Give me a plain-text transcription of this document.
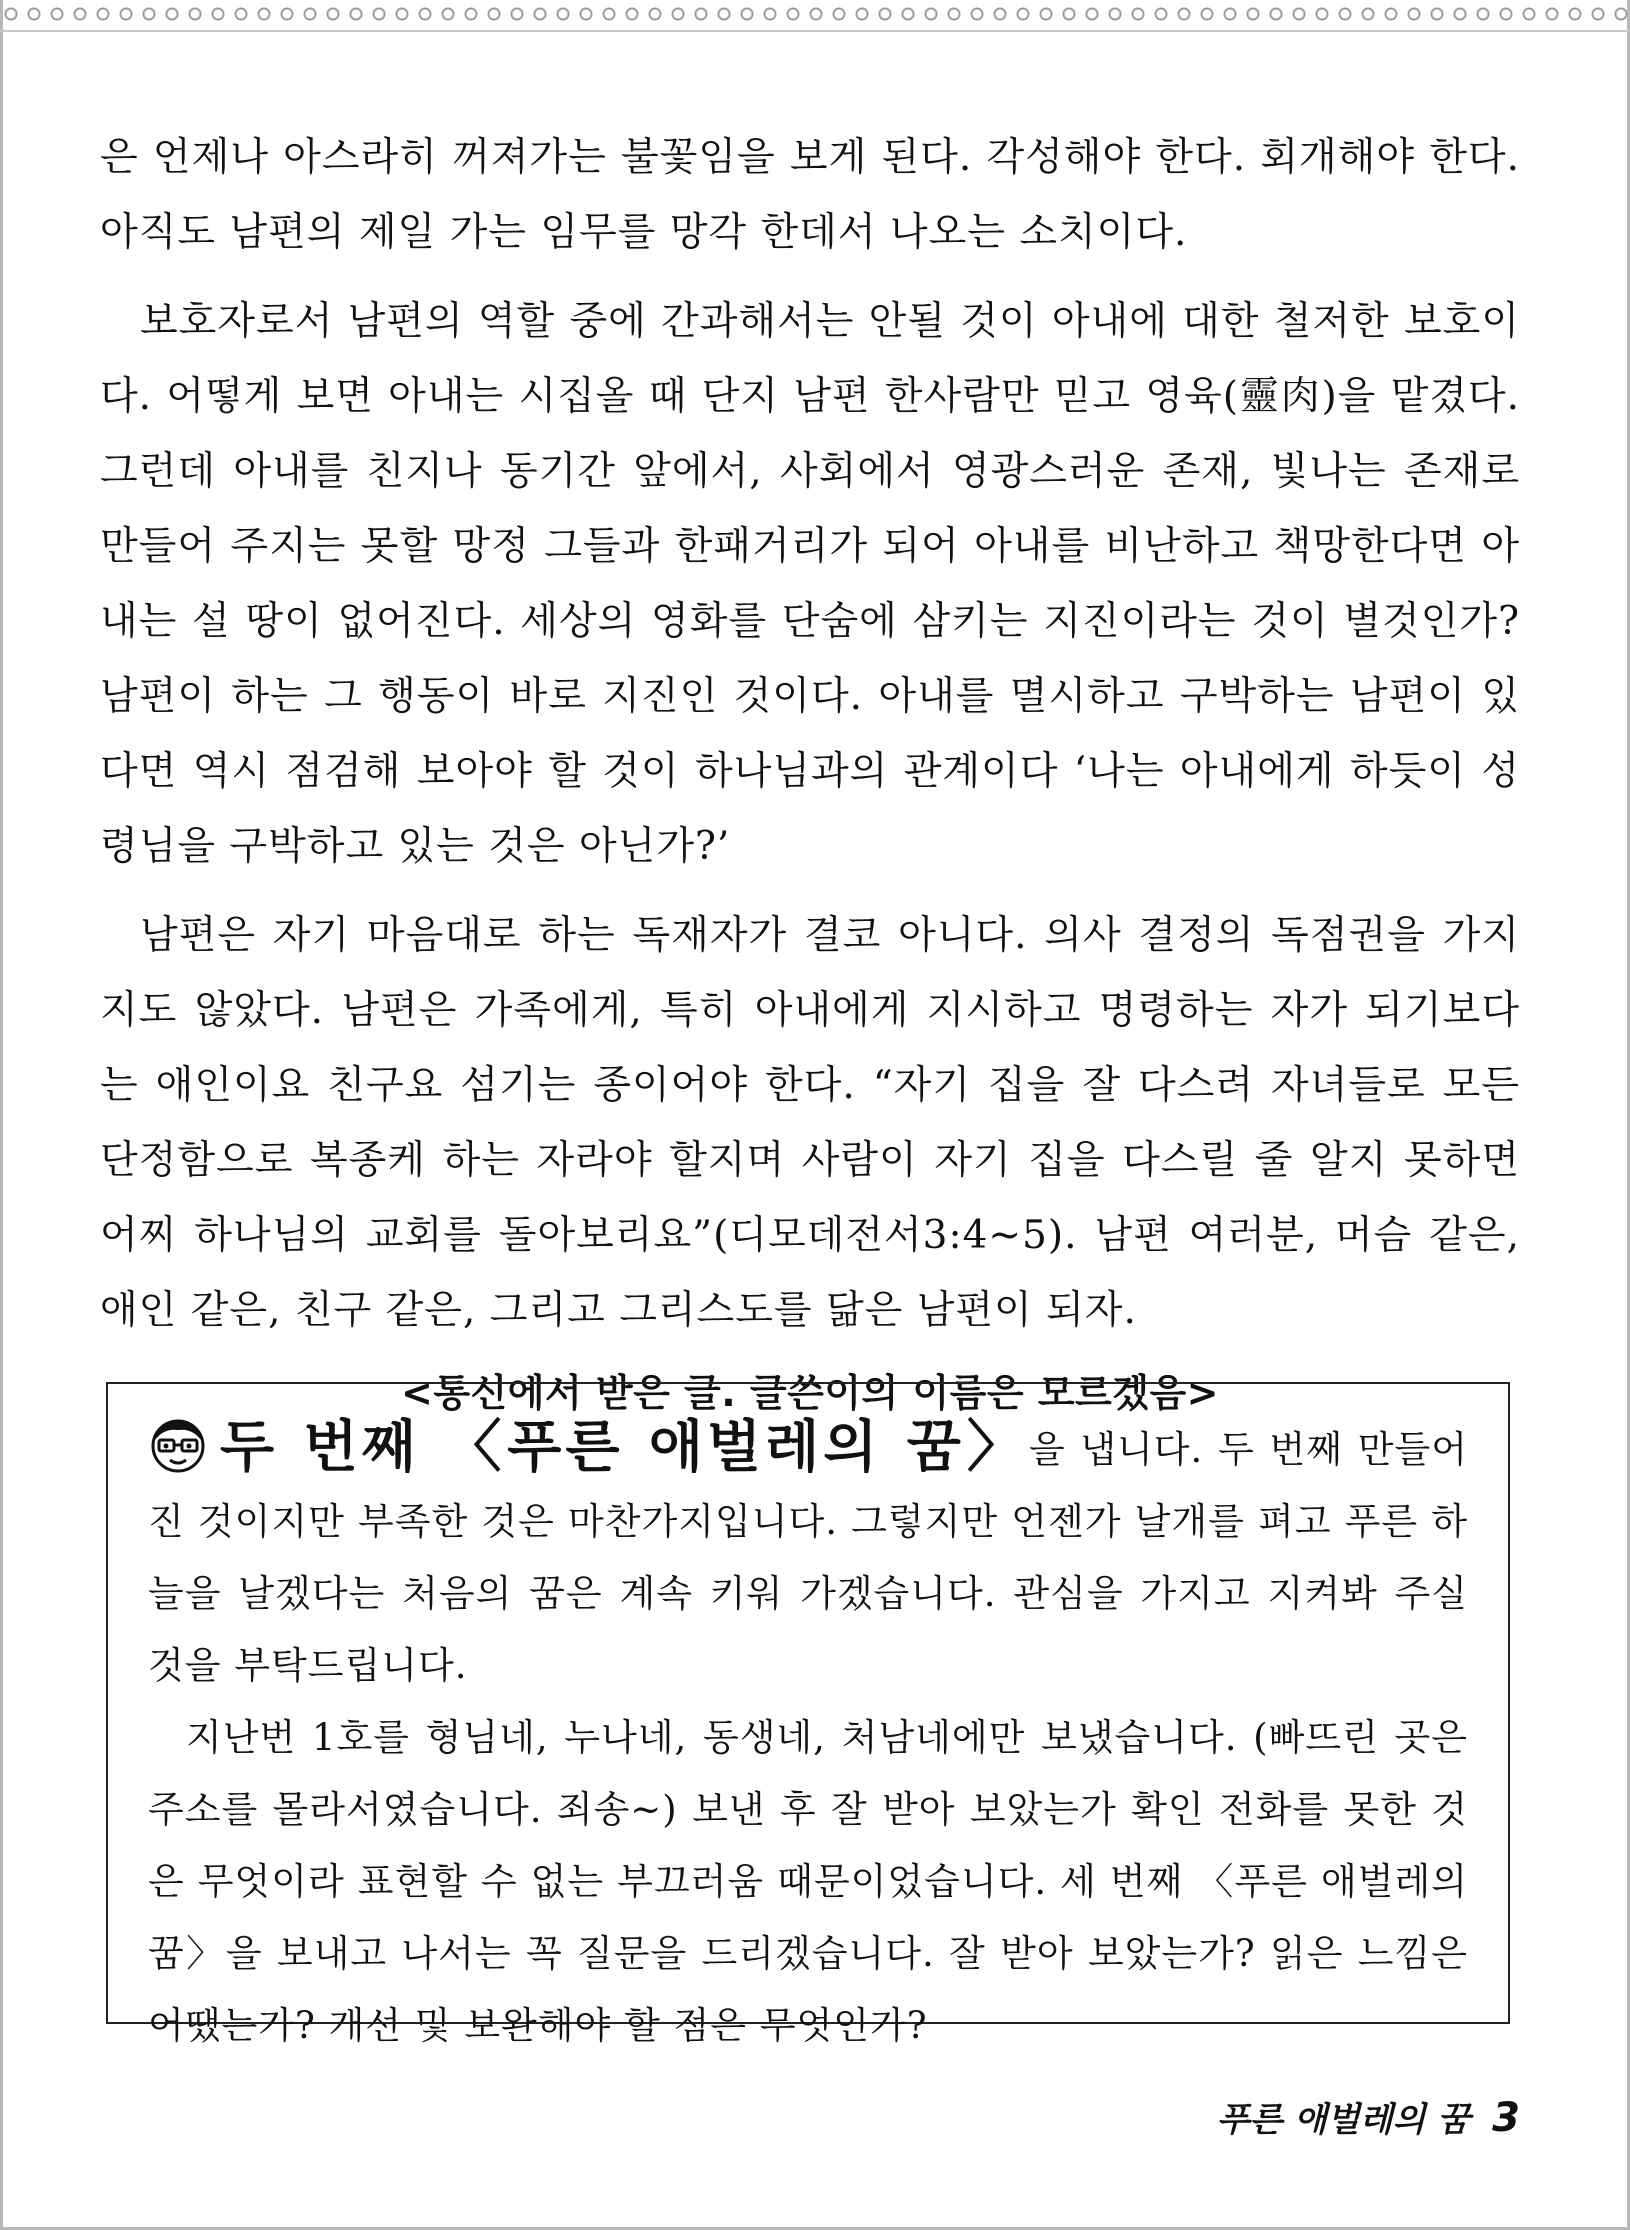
은 언제나 아스라히 꺼져가는 불꽃임을 보게 된다. 각성해야 한다. 회개해야 한다. 아직도 남편의 제일 가는 임무를 망각 한데서 나오는 소치이다.

보호자로서 남편의 역할 중에 간과해서는 안될 것이 아내에 대한 철저한 보호이다. 어떻게 보면 아내는 시집올 때 단지 남편 한사람만 믿고 영육(靈肉)을 맡겼다. 그런데 아내를 친지나 동기간 앞에서, 사회에서 영광스러운 존재, 빛나는 존재로 만들어 주지는 못할 망정 그들과 한패거리가 되어 아내를 비난하고 책망한다면 아내는 설 땅이 없어진다. 세상의 영화를 단숨에 삼키는 지진이라는 것이 별것인가? 남편이 하는 그 행동이 바로 지진인 것이다. 아내를 멸시하고 구박하는 남편이 있다면 역시 점검해 보아야 할 것이 하나님과의 관계이다 ‘나는 아내에게 하듯이 성령님을 구박하고 있는 것은 아닌가?’

남편은 자기 마음대로 하는 독재자가 결코 아니다. 의사 결정의 독점권을 가지지도 않았다. 남편은 가족에게, 특히 아내에게 지시하고 명령하는 자가 되기보다는 애인이요 친구요 섬기는 종이어야 한다. “자기 집을 잘 다스려 자녀들로 모든 단정함으로 복종케 하는 자라야 할지며 사람이 자기 집을 다스릴 줄 알지 못하면 어찌 하나님의 교회를 돌아보리요”(디모데전서3:4~5). 남편 여러분, 머슴 같은, 애인 같은, 친구 같은, 그리고 그리스도를 닮은 남편이 되자.

<통신에서 받은 글. 글쓴이의 이름은 모르겠음>
두 번째 〈푸른 애벌레의 꿈〉을 냅니다. 두 번째 만들어진 것이지만 부족한 것은 마찬가지입니다. 그렇지만 언젠가 날개를 펴고 푸른 하늘을 날겠다는 처음의 꿈은 계속 키워 가겠습니다. 관심을 가지고 지켜봐 주실 것을 부탁드립니다.
지난번 1호를 형님네, 누나네, 동생네, 처남네에만 보냈습니다. (빠뜨린 곳은 주소를 몰라서였습니다. 죄송~) 보낸 후 잘 받아 보았는가 확인 전화를 못한 것은 무엇이라 표현할 수 없는 부끄러움 때문이었습니다. 세 번째 〈푸른 애벌레의 꿈〉을 보내고 나서는 꼭 질문을 드리겠습니다. 잘 받아 보았는가? 읽은 느낌은 어땠는가? 개선 및 보완해야 할 점은 무엇인가?
푸른 애벌레의 꿈 3
